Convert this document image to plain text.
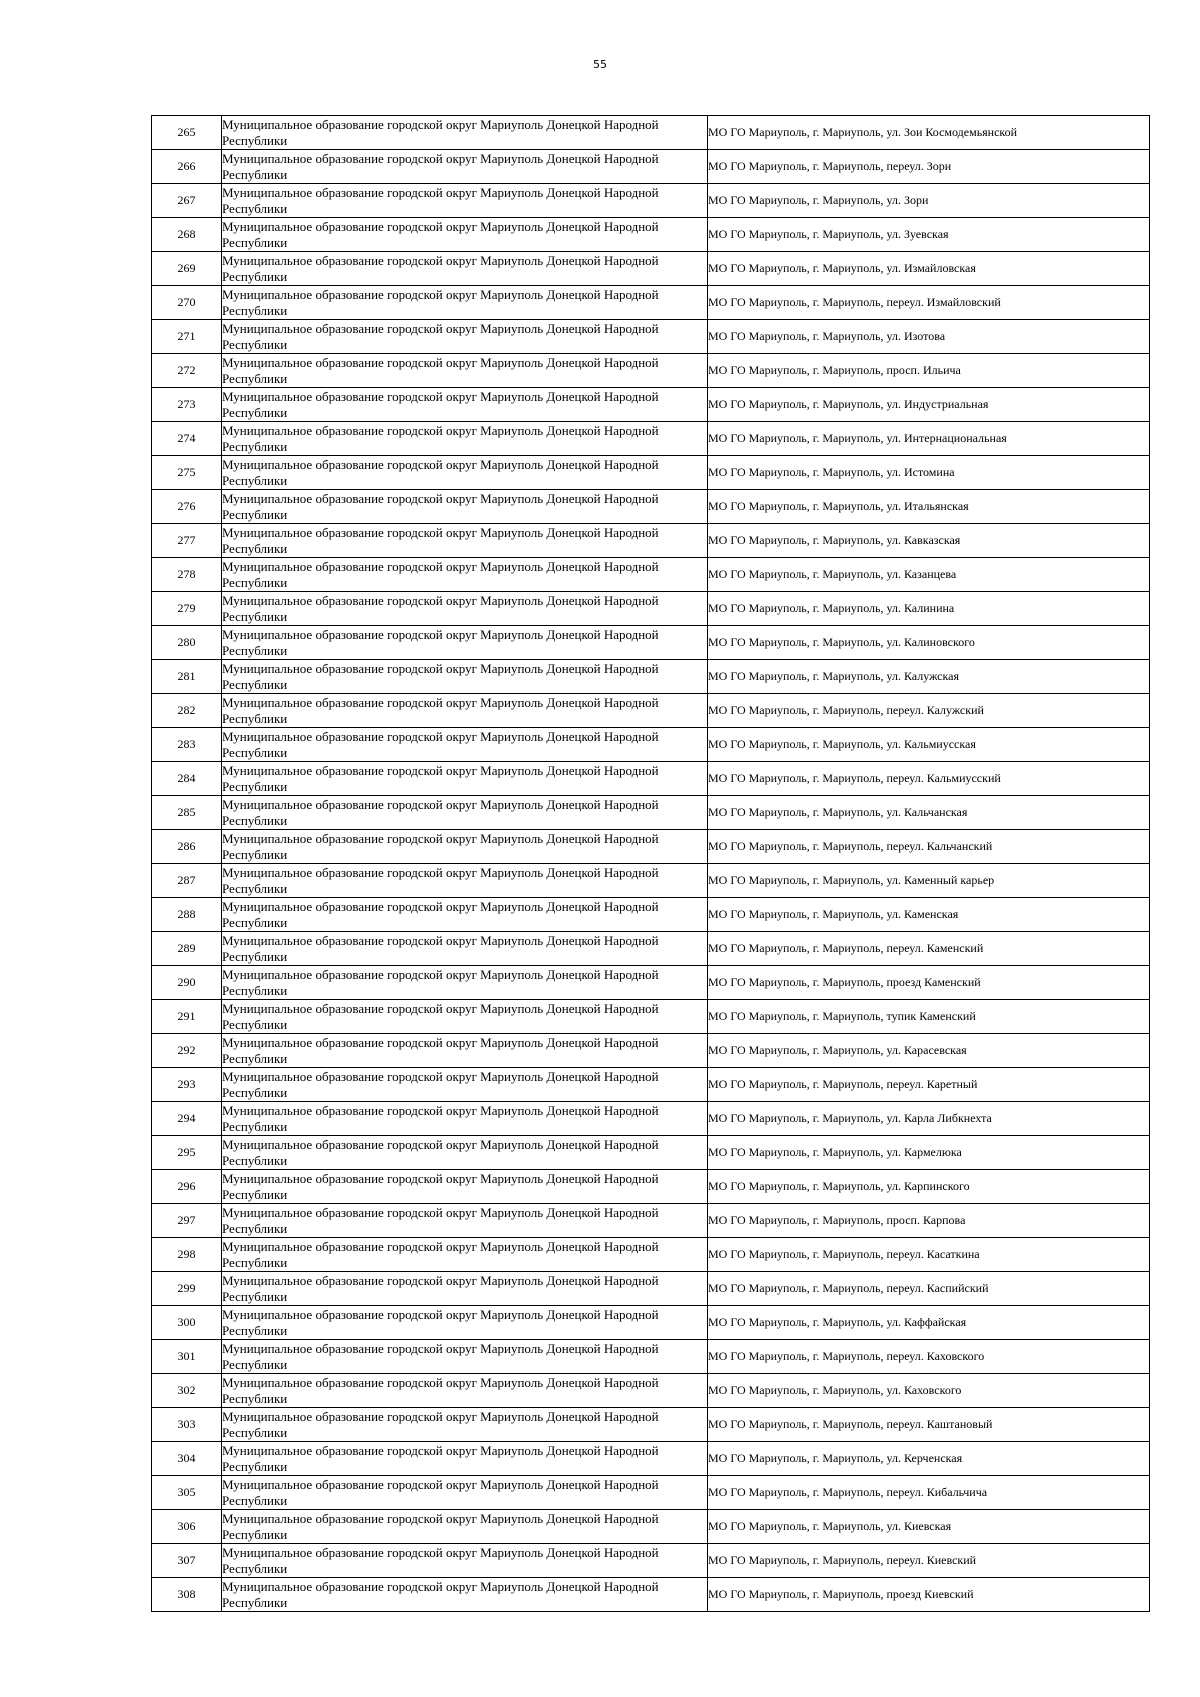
55
265	Муниципальное образование городской округ Мариуполь Донецкой Народной Республики	МО ГО Мариуполь, г. Мариуполь, ул. Зои Космодемьянской
266	Муниципальное образование городской округ Мариуполь Донецкой Народной Республики	МО ГО Мариуполь, г. Мариуполь, переул. Зори
267	Муниципальное образование городской округ Мариуполь Донецкой Народной Республики	МО ГО Мариуполь, г. Мариуполь, ул. Зори
268	Муниципальное образование городской округ Мариуполь Донецкой Народной Республики	МО ГО Мариуполь, г. Мариуполь, ул. Зуевская
269	Муниципальное образование городской округ Мариуполь Донецкой Народной Республики	МО ГО Мариуполь, г. Мариуполь, ул. Измайловская
270	Муниципальное образование городской округ Мариуполь Донецкой Народной Республики	МО ГО Мариуполь, г. Мариуполь, переул. Измайловский
271	Муниципальное образование городской округ Мариуполь Донецкой Народной Республики	МО ГО Мариуполь, г. Мариуполь, ул. Изотова
272	Муниципальное образование городской округ Мариуполь Донецкой Народной Республики	МО ГО Мариуполь, г. Мариуполь, просп. Ильича
273	Муниципальное образование городской округ Мариуполь Донецкой Народной Республики	МО ГО Мариуполь, г. Мариуполь, ул. Индустриальная
274	Муниципальное образование городской округ Мариуполь Донецкой Народной Республики	МО ГО Мариуполь, г. Мариуполь, ул. Интернациональная
275	Муниципальное образование городской округ Мариуполь Донецкой Народной Республики	МО ГО Мариуполь, г. Мариуполь, ул. Истомина
276	Муниципальное образование городской округ Мариуполь Донецкой Народной Республики	МО ГО Мариуполь, г. Мариуполь, ул. Итальянская
277	Муниципальное образование городской округ Мариуполь Донецкой Народной Республики	МО ГО Мариуполь, г. Мариуполь, ул. Кавказская
278	Муниципальное образование городской округ Мариуполь Донецкой Народной Республики	МО ГО Мариуполь, г. Мариуполь, ул. Казанцева
279	Муниципальное образование городской округ Мариуполь Донецкой Народной Республики	МО ГО Мариуполь, г. Мариуполь, ул. Калинина
280	Муниципальное образование городской округ Мариуполь Донецкой Народной Республики	МО ГО Мариуполь, г. Мариуполь, ул. Калиновского
281	Муниципальное образование городской округ Мариуполь Донецкой Народной Республики	МО ГО Мариуполь, г. Мариуполь, ул. Калужская
282	Муниципальное образование городской округ Мариуполь Донецкой Народной Республики	МО ГО Мариуполь, г. Мариуполь, переул. Калужский
283	Муниципальное образование городской округ Мариуполь Донецкой Народной Республики	МО ГО Мариуполь, г. Мариуполь, ул. Кальмиусская
284	Муниципальное образование городской округ Мариуполь Донецкой Народной Республики	МО ГО Мариуполь, г. Мариуполь, переул. Кальмиусский
285	Муниципальное образование городской округ Мариуполь Донецкой Народной Республики	МО ГО Мариуполь, г. Мариуполь, ул. Кальчанская
286	Муниципальное образование городской округ Мариуполь Донецкой Народной Республики	МО ГО Мариуполь, г. Мариуполь, переул. Кальчанский
287	Муниципальное образование городской округ Мариуполь Донецкой Народной Республики	МО ГО Мариуполь, г. Мариуполь, ул. Каменный карьер
288	Муниципальное образование городской округ Мариуполь Донецкой Народной Республики	МО ГО Мариуполь, г. Мариуполь, ул. Каменская
289	Муниципальное образование городской округ Мариуполь Донецкой Народной Республики	МО ГО Мариуполь, г. Мариуполь, переул. Каменский
290	Муниципальное образование городской округ Мариуполь Донецкой Народной Республики	МО ГО Мариуполь, г. Мариуполь, проезд Каменский
291	Муниципальное образование городской округ Мариуполь Донецкой Народной Республики	МО ГО Мариуполь, г. Мариуполь, тупик Каменский
292	Муниципальное образование городской округ Мариуполь Донецкой Народной Республики	МО ГО Мариуполь, г. Мариуполь, ул. Карасевская
293	Муниципальное образование городской округ Мариуполь Донецкой Народной Республики	МО ГО Мариуполь, г. Мариуполь, переул. Каретный
294	Муниципальное образование городской округ Мариуполь Донецкой Народной Республики	МО ГО Мариуполь, г. Мариуполь, ул. Карла Либкнехта
295	Муниципальное образование городской округ Мариуполь Донецкой Народной Республики	МО ГО Мариуполь, г. Мариуполь, ул. Кармелюка
296	Муниципальное образование городской округ Мариуполь Донецкой Народной Республики	МО ГО Мариуполь, г. Мариуполь, ул. Карпинского
297	Муниципальное образование городской округ Мариуполь Донецкой Народной Республики	МО ГО Мариуполь, г. Мариуполь, просп. Карпова
298	Муниципальное образование городской округ Мариуполь Донецкой Народной Республики	МО ГО Мариуполь, г. Мариуполь, переул. Касаткина
299	Муниципальное образование городской округ Мариуполь Донецкой Народной Республики	МО ГО Мариуполь, г. Мариуполь, переул. Каспийский
300	Муниципальное образование городской округ Мариуполь Донецкой Народной Республики	МО ГО Мариуполь, г. Мариуполь, ул. Каффайская
301	Муниципальное образование городской округ Мариуполь Донецкой Народной Республики	МО ГО Мариуполь, г. Мариуполь, переул. Каховского
302	Муниципальное образование городской округ Мариуполь Донецкой Народной Республики	МО ГО Мариуполь, г. Мариуполь, ул. Каховского
303	Муниципальное образование городской округ Мариуполь Донецкой Народной Республики	МО ГО Мариуполь, г. Мариуполь, переул. Каштановый
304	Муниципальное образование городской округ Мариуполь Донецкой Народной Республики	МО ГО Мариуполь, г. Мариуполь, ул. Керченская
305	Муниципальное образование городской округ Мариуполь Донецкой Народной Республики	МО ГО Мариуполь, г. Мариуполь, переул. Кибальчича
306	Муниципальное образование городской округ Мариуполь Донецкой Народной Республики	МО ГО Мариуполь, г. Мариуполь, ул. Киевская
307	Муниципальное образование городской округ Мариуполь Донецкой Народной Республики	МО ГО Мариуполь, г. Мариуполь, переул. Киевский
308	Муниципальное образование городской округ Мариуполь Донецкой Народной Республики	МО ГО Мариуполь, г. Мариуполь, проезд Киевский
